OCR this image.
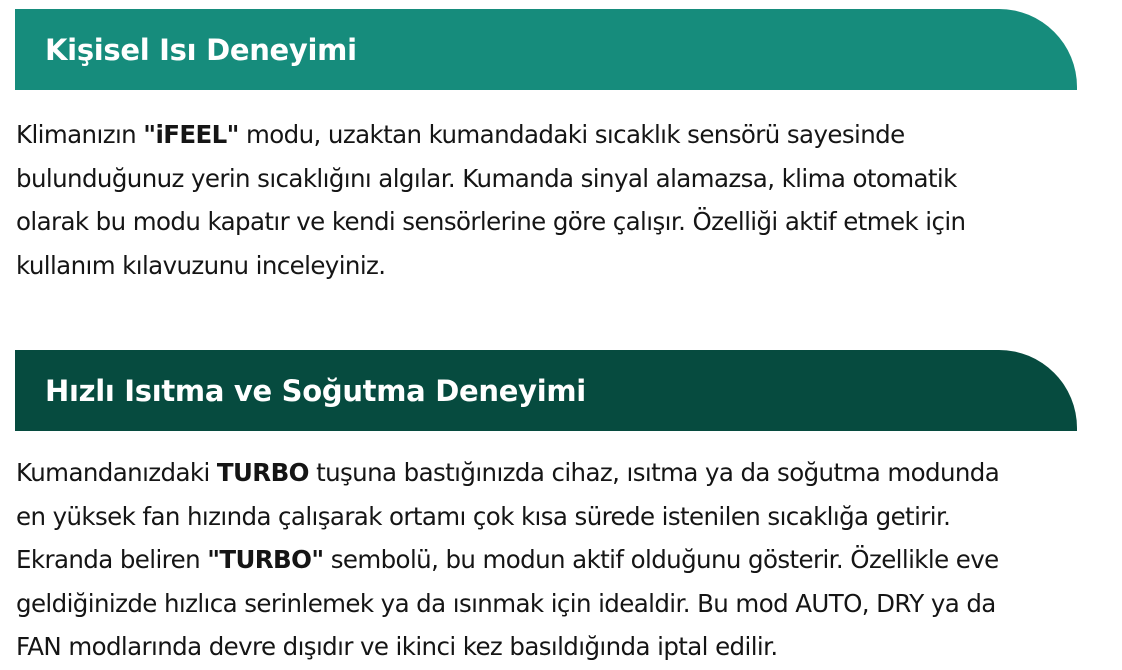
Kişisel Isı Deneyimi
Klimanızın "iFEEL" modu, uzaktan kumandadaki sıcaklık sensörü sayesinde
bulunduğunuz yerin sıcaklığını algılar. Kumanda sinyal alamazsa, klima otomatik
olarak bu modu kapatır ve kendi sensörlerine göre çalışır. Özelliği aktif etmek için
kullanım kılavuzunu inceleyiniz.
Hızlı Isıtma ve Soğutma Deneyimi
Kumandanızdaki TURBO tuşuna bastığınızda cihaz, ısıtma ya da soğutma modunda
en yüksek fan hızında çalışarak ortamı çok kısa sürede istenilen sıcaklığa getirir.
Ekranda beliren "TURBO" sembolü, bu modun aktif olduğunu gösterir. Özellikle eve
geldiğinizde hızlıca serinlemek ya da ısınmak için idealdir. Bu mod AUTO, DRY ya da
FAN modlarında devre dışıdır ve ikinci kez basıldığında iptal edilir.
